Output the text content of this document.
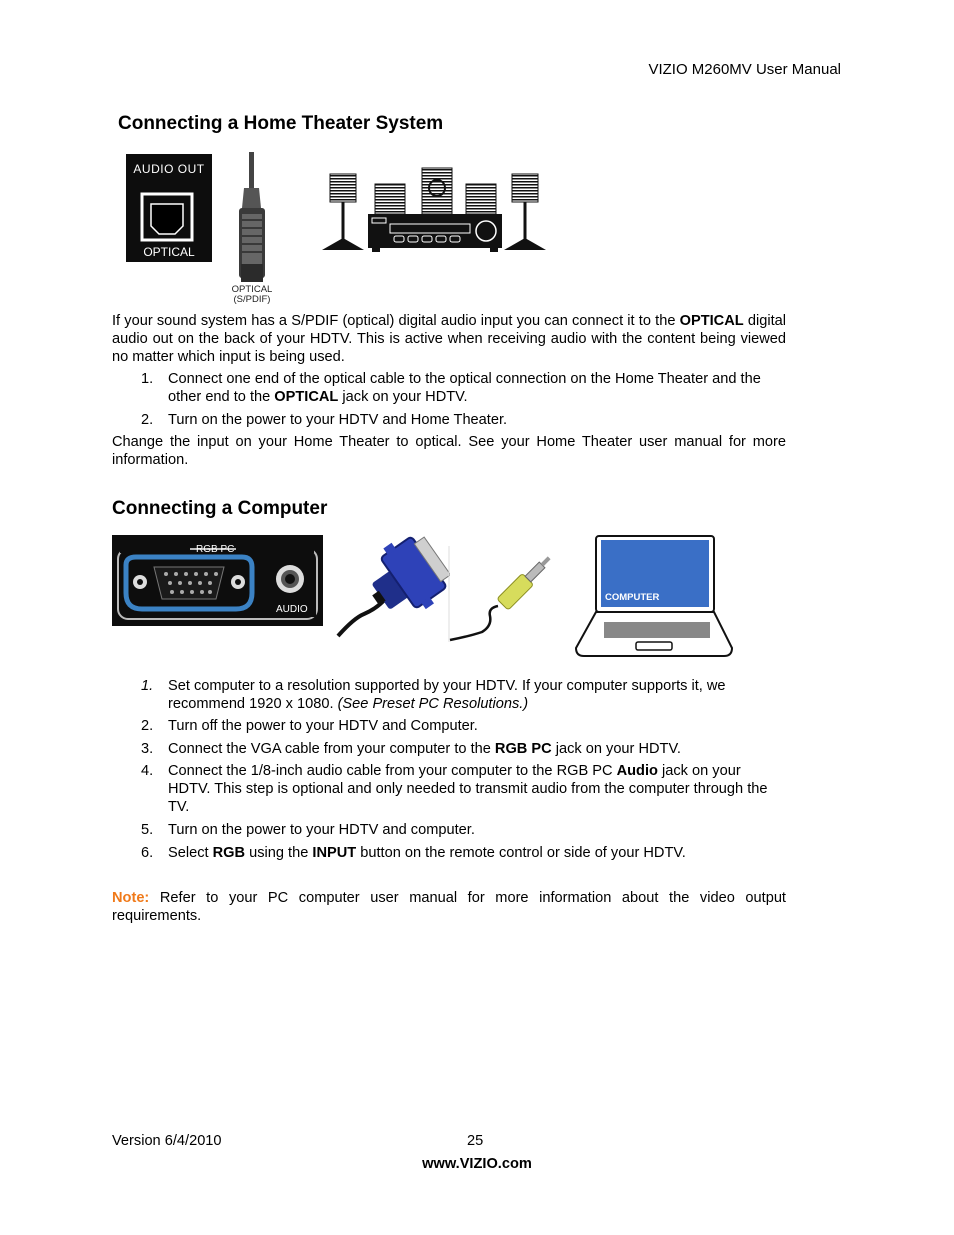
VIZIO M260MV User Manual
Connecting a Home Theater System
AUDIO OUT
OPTICAL
OPTICAL
(S/PDIF)

If your sound system has a S/PDIF (optical) digital audio input you can connect it to the OPTICAL digital audio out on the back of your HDTV. This is active when receiving audio with the content being viewed no matter which input is being used.

1. Connect one end of the optical cable to the optical connection on the Home Theater and the other end to the OPTICAL jack on your HDTV.
2. Turn on the power to your HDTV and Home Theater.

Change the input on your Home Theater to optical. See your Home Theater user manual for more information.

Connecting a Computer
RGB PC
AUDIO
COMPUTER
1. Set computer to a resolution supported by your HDTV. If your computer supports it, we recommend 1920 x 1080. (See Preset PC Resolutions.)
2. Turn off the power to your HDTV and Computer.
3. Connect the VGA cable from your computer to the RGB PC jack on your HDTV.
4. Connect the 1/8-inch audio cable from your computer to the RGB PC Audio jack on your HDTV. This step is optional and only needed to transmit audio from the computer through the TV.
5. Turn on the power to your HDTV and computer.
6. Select RGB using the INPUT button on the remote control or side of your HDTV.

Note: Refer to your PC computer user manual for more information about the video output requirements.

Version 6/4/2010	25
www.VIZIO.com
